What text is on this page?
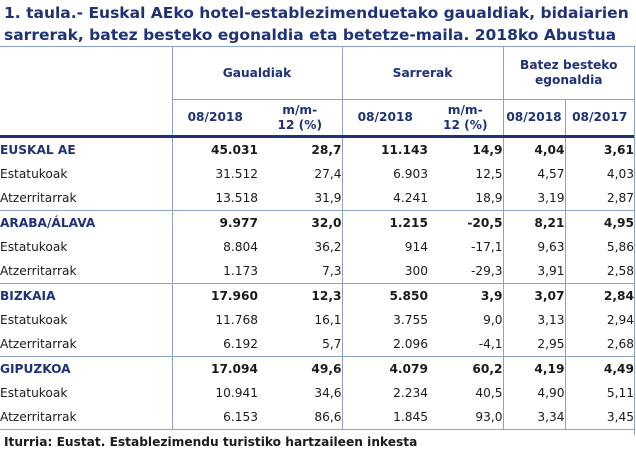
1. taula.- Euskal AEko hotel-establezimenduetako gaualdiak, bidaiarien sarrerak, batez besteko egonaldia eta betetze-maila. 2018ko Abustua
	Gaualdiak		Sarrerak		Batez besteko egonaldia	
	08/2018	m/m-12 (%)	08/2018	m/m-12 (%)	08/2018	08/2017
EUSKAL AE	45.031	28,7	11.143	14,9	4,04	3,61
Estatukoak	31.512	27,4	6.903	12,5	4,57	4,03
Atzerritarrak	13.518	31,9	4.241	18,9	3,19	2,87
ARABA/ÁLAVA	9.977	32,0	1.215	-20,5	8,21	4,95
Estatukoak	8.804	36,2	914	-17,1	9,63	5,86
Atzerritarrak	1.173	7,3	300	-29,3	3,91	2,58
BIZKAIA	17.960	12,3	5.850	3,9	3,07	2,84
Estatukoak	11.768	16,1	3.755	9,0	3,13	2,94
Atzerritarrak	6.192	5,7	2.096	-4,1	2,95	2,68
GIPUZKOA	17.094	49,6	4.079	60,2	4,19	4,49
Estatukoak	10.941	34,6	2.234	40,5	4,90	5,11
Atzerritarrak	6.153	86,6	1.845	93,0	3,34	3,45
Iturria: Eustat. Establezimendu turistiko hartzaileen inkesta
